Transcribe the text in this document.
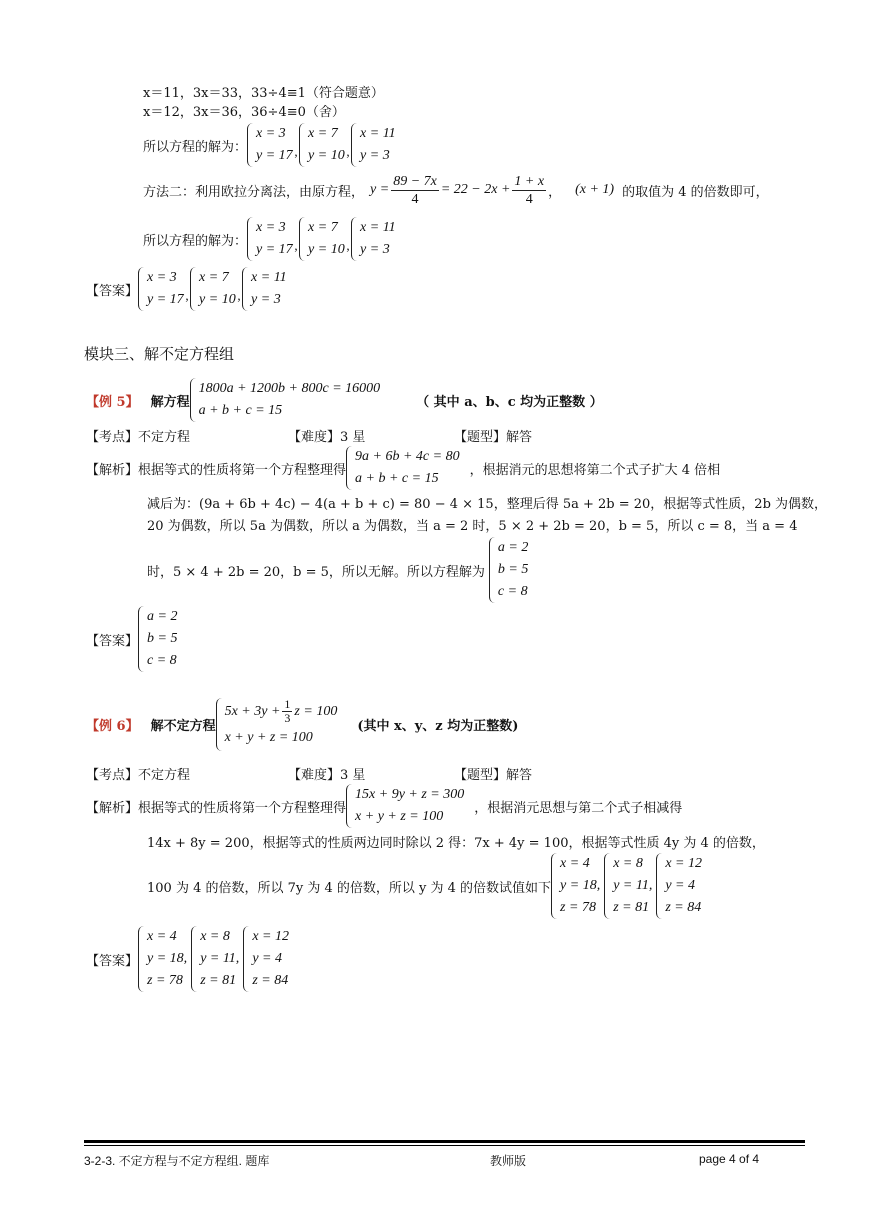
x＝11，3x＝33，33÷4≡1（符合题意）
x＝12，3x＝36，36÷4≡0（舍）
所以方程的解为：
x = 3
y = 17 ’
x = 7
y = 10 ’
x = 11
y = 3
方法二：利用欧拉分离法，由原方程， $y = \frac{89 - 7x}{4} = 22 - 2x + \frac{1 + x}{4}$ ， (x + 1) 的取值为 4 的倍数即可，
所以方程的解为：
x = 3
y = 17 ’
x = 7
y = 10 ’
x = 11
y = 3
【答案】
x = 3
y = 17 ’
x = 7
y = 10 ’
x = 11
y = 3
模块三、解不定方程组
【例 5】 解方程
1800a + 1200b + 800c = 16000
a + b + c = 15
（ 其中 a、b、c 均为正整数 ）
【考点】不定方程	【难度】3 星	【题型】解答
【解析】 根据等式的性质将第一个方程整理得
9a + 6b + 4c = 80
a + b + c = 15
，根据消元的思想将第二个式子扩大 4 倍相
减后为：(9a + 6b + 4c) − 4(a + b + c) = 80 − 4 × 15，整理后得 5a + 2b = 20，根据等式性质，2b 为偶数，
20 为偶数，所以 5a 为偶数，所以 a 为偶数，当 a = 2 时，5 × 2 + 2b = 20，b = 5，所以 c = 8，当 a = 4
时，5 × 4 + 2b = 20，b = 5，所以无解。所以方程解为
a = 2
b = 5
c = 8
【答案】
a = 2
b = 5
c = 8
【例 6】 解不定方程
$5x + 3y + \frac{1}{3}$ z = 100
x + y + z = 100
(其中 x、y、z 均为正整数)
【考点】不定方程	【难度】3 星	【题型】解答
【解析】 根据等式的性质将第一个方程整理得
15x + 9y + z = 300
x + y + z = 100
，根据消元思想与第二个式子相减得
14x + 8y = 200，根据等式的性质两边同时除以 2 得：7x + 4y = 100，根据等式性质 4y 为 4 的倍数，
100 为 4 的倍数，所以 7y 为 4 的倍数，所以 y 为 4 的倍数试值如下
x = 4
y = 18,
z = 78
x = 8
y = 11,
z = 81
x = 12
y = 4
z = 84
【答案】
x = 4
y = 18,
z = 78
x = 8
y = 11,
z = 81
x = 12
y = 4
z = 84
3-2-3. 不定方程与不定方程组. 题库	教师版	page 4 of 4
